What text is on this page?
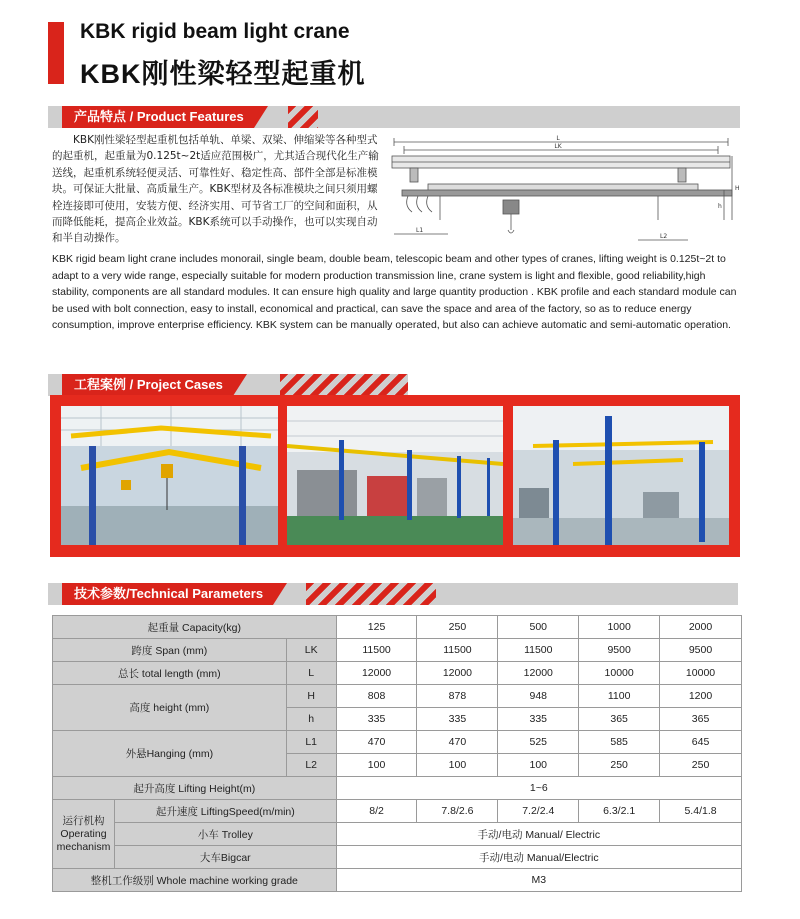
KBK rigid beam light crane
KBK刚性梁轻型起重机
产品特点 / Product Features
KBK刚性梁轻型起重机包括单轨、单梁、双梁、伸缩梁等各种型式的起重机，起重量为0.125t~2t适应范围极广，尤其适合现代化生产输送线，起重机系统轻便灵活、可靠性好、稳定性高、部件全部是标准模块。可保证大批量、高质量生产。KBK型材及各标准模块之间只须用螺栓连接即可使用，安装方便、经济实用、可节省工厂的空间和面积，从而降低能耗，提高企业效益。KBK系统可以手动操作，也可以实现自动和半自动操作。
L
LK
H
h
L1
L2
KBK rigid beam light crane includes monorail, single beam, double beam, telescopic beam and other types of cranes, lifting weight is 0.125t~2t to adapt to a very wide range, especially suitable for modern production transmission line, crane system is light and flexible, good reliability,high stability, components are all standard modules. It can ensure high quality and large quantity production . KBK profile and each standard module can be used with bolt connection, easy to install, economical and practical, can save the space and area of the factory, so as to reduce energy consumption, improve enterprise efficiency. KBK system can be manually operated, but also can achieve automatic and semi-automatic operation.
工程案例 / Project Cases
技术参数/Technical Parameters
起重量 Capacity(kg)			125	250	500	1000	2000
跨度 Span (mm)		LK	11500	11500	11500	9500	9500
总长 total length (mm)		L	12000	12000	12000	10000	10000
高度 height (mm)		H	808	878	948	1100	1200
		h	335	335	335	365	365
外悬Hanging (mm)		L1	470	470	525	585	645
		L2	100	100	100	250	250
起升高度 Lifting Height(m)			1~6				
运行机构
Operating mechanism	起升速度 LiftingSpeed(m/min)		8/2	7.8/2.6	7.2/2.4	6.3/2.1	5.4/1.8
	小车 Trolley		手动/电动 Manual/ Electric				
	大车Bigcar		手动/电动 Manual/Electric				
整机工作级别 Whole machine working grade			M3				
